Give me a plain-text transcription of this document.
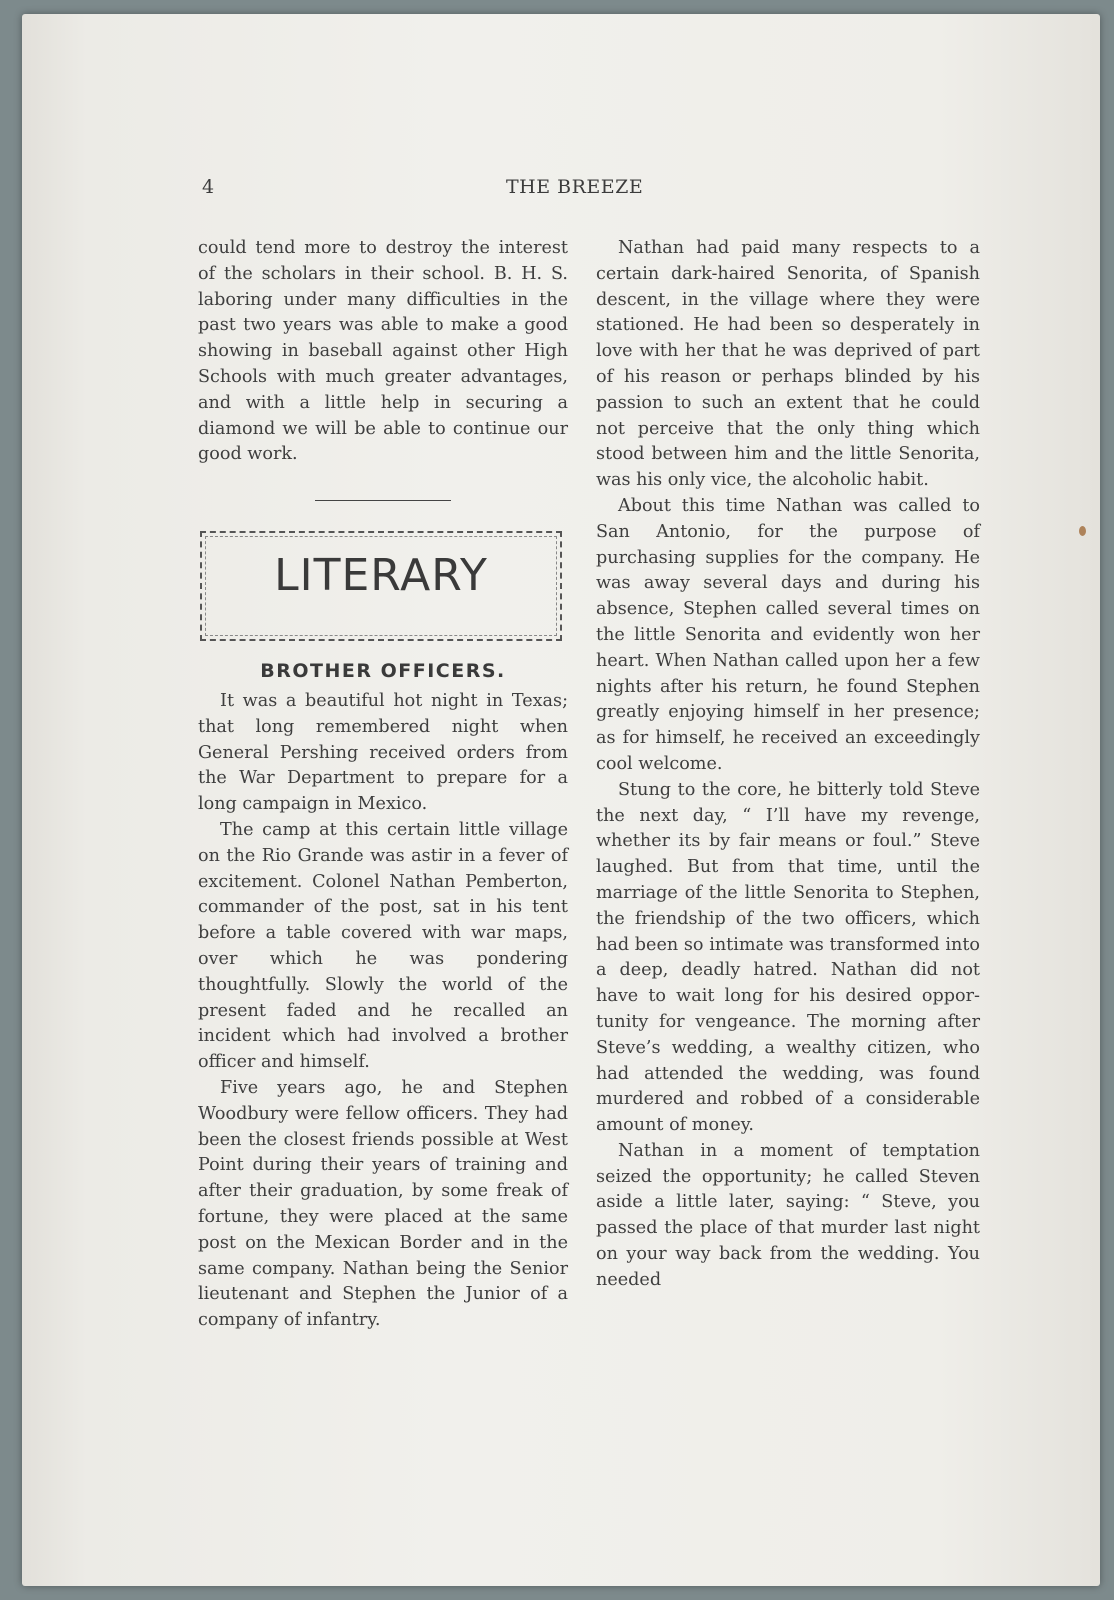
4	THE BREEZE

could tend more to destroy the interest of the scholars in their school. B. H. S. laboring under many difficulties in the past two years was able to make a good showing in baseball against other High Schools with much greater advantages, and with a little help in securing a diamond we will be able to continue our good work.

LITERARY
BROTHER OFFICERS.

It was a beautiful hot night in Texas; that long remembered night when General Pershing received orders from the War Department to prepare for a long campaign in Mexico.

The camp at this certain little village on the Rio Grande was astir in a fever of excitement. Colonel Nathan Pemberton, commander of the post, sat in his tent before a table covered with war maps, over which he was pondering thoughtfully. Slowly the world of the present faded and he recalled an incident which had involved a brother officer and himself.

Five years ago, he and Stephen Woodbury were fellow officers. They had been the closest friends possible at West Point during their years of training and after their graduation, by some freak of fortune, they were placed at the same post on the Mexican Border and in the same company. Nathan being the Senior lieutenant and Stephen the Junior of a company of infantry.

Nathan had paid many respects to a certain dark-haired Senorita, of Spanish descent, in the village where they were stationed. He had been so desperately in love with her that he was deprived of part of his reason or perhaps blinded by his passion to such an extent that he could not perceive that the only thing which stood between him and the little Senorita, was his only vice, the alcoholic habit.

About this time Nathan was called to San Antonio, for the purpose of purchasing supplies for the company. He was away several days and during his absence, Stephen called several times on the little Senorita and evidently won her heart. When Nathan called upon her a few nights after his return, he found Stephen greatly enjoying himself in her presence; as for himself, he received an exceedingly cool welcome.

Stung to the core, he bitterly told Steve the next day, “ I’ll have my revenge, whether its by fair means or foul.” Steve laughed. But from that time, until the marriage of the little Senorita to Stephen, the friendship of the two officers, which had been so intimate was transformed into a deep, deadly hatred. Nathan did not have to wait long for his desired opportunity for vengeance. The morning after Steve’s wedding, a wealthy citizen, who had attended the wedding, was found murdered and robbed of a considerable amount of money.

Nathan in a moment of temptation seized the opportunity; he called Steven aside a little later, saying: “ Steve, you passed the place of that murder last night on your way back from the wedding. You needed
